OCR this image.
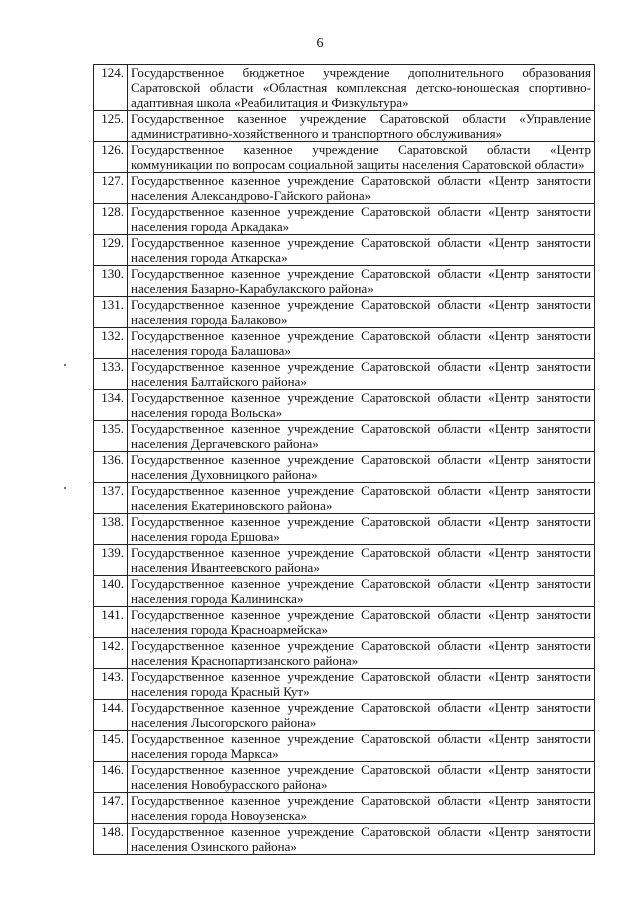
6
124.	Государственное бюджетное учреждение дополнительного образования
Саратовской области «Областная комплексная детско-юношеская спортивно-
адаптивная школа «Реабилитация и Физкультура»

125.	Государственное казенное учреждение Саратовской области «Управление
административно-хозяйственного и транспортного обслуживания»

126.	Государственное казенное учреждение Саратовской области «Центр
коммуникации по вопросам социальной защиты населения Саратовской области»

127.	Государственное казенное учреждение Саратовской области «Центр занятости
населения Александрово-Гайского района»

128.	Государственное казенное учреждение Саратовской области «Центр занятости
населения города Аркадака»

129.	Государственное казенное учреждение Саратовской области «Центр занятости
населения города Аткарска»

130.	Государственное казенное учреждение Саратовской области «Центр занятости
населения Базарно-Карабулакского района»

131.	Государственное казенное учреждение Саратовской области «Центр занятости
населения города Балаково»

132.	Государственное казенное учреждение Саратовской области «Центр занятости
населения города Балашова»

133.	Государственное казенное учреждение Саратовской области «Центр занятости
населения Балтайского района»

134.	Государственное казенное учреждение Саратовской области «Центр занятости
населения города Вольска»

135.	Государственное казенное учреждение Саратовской области «Центр занятости
населения Дергачевского района»

136.	Государственное казенное учреждение Саратовской области «Центр занятости
населения Духовницкого района»

137.	Государственное казенное учреждение Саратовской области «Центр занятости
населения Екатериновского района»

138.	Государственное казенное учреждение Саратовской области «Центр занятости
населения города Ершова»

139.	Государственное казенное учреждение Саратовской области «Центр занятости
населения Ивантеевского района»

140.	Государственное казенное учреждение Саратовской области «Центр занятости
населения города Калининска»

141.	Государственное казенное учреждение Саратовской области «Центр занятости
населения города Красноармейска»

142.	Государственное казенное учреждение Саратовской области «Центр занятости
населения Краснопартизанского района»

143.	Государственное казенное учреждение Саратовской области «Центр занятости
населения города Красный Кут»

144.	Государственное казенное учреждение Саратовской области «Центр занятости
населения Лысогорского района»

145.	Государственное казенное учреждение Саратовской области «Центр занятости
населения города Маркса»

146.	Государственное казенное учреждение Саратовской области «Центр занятости
населения Новобурасского района»

147.	Государственное казенное учреждение Саратовской области «Центр занятости
населения города Новоузенска»

148.	Государственное казенное учреждение Саратовской области «Центр занятости
населения Озинского района»
